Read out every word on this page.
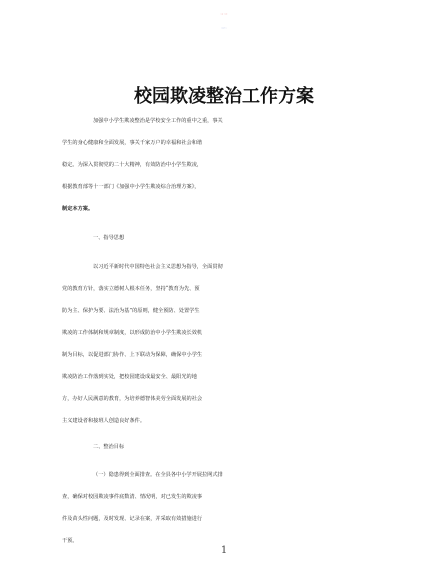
校园欺凌整治工作方案
加强中小学生欺凌整治是学校安全工作的重中之重，事关
学生的身心健康和全面发展，事关千家万户的幸福和社会和谐
稳定。为深入贯彻党的二十大精神，有效防治中小学生欺凌，
根据教育部等十一部门《加强中小学生欺凌综合治理方案》，
制定本方案。
一、指导思想
以习近平新时代中国特色社会主义思想为指导，全面贯彻
党的教育方针，落实立德树人根本任务，坚持“教育为先、预
防为主、保护为要、法治为基”的原则，健全预防、处置学生
欺凌的工作体制和规章制度，以形成防治中小学生欺凌长效机
制为目标，以促进部门协作、上下联动为保障，确保中小学生
欺凌防治工作落到实处，把校园建设成最安全、最阳光的地
方，办好人民满意的教育，为培养德智体美劳全面发展的社会
主义建设者和接班人创造良好条件。
二、整治目标
（一）隐患得到全面排查。在全县各中小学开展拉网式排
查，确保对校园欺凌事件底数清、情况明，对已发生的欺凌事
件及苗头性问题，及时发现、记录在案，并采取有效措施进行
干预。
1
